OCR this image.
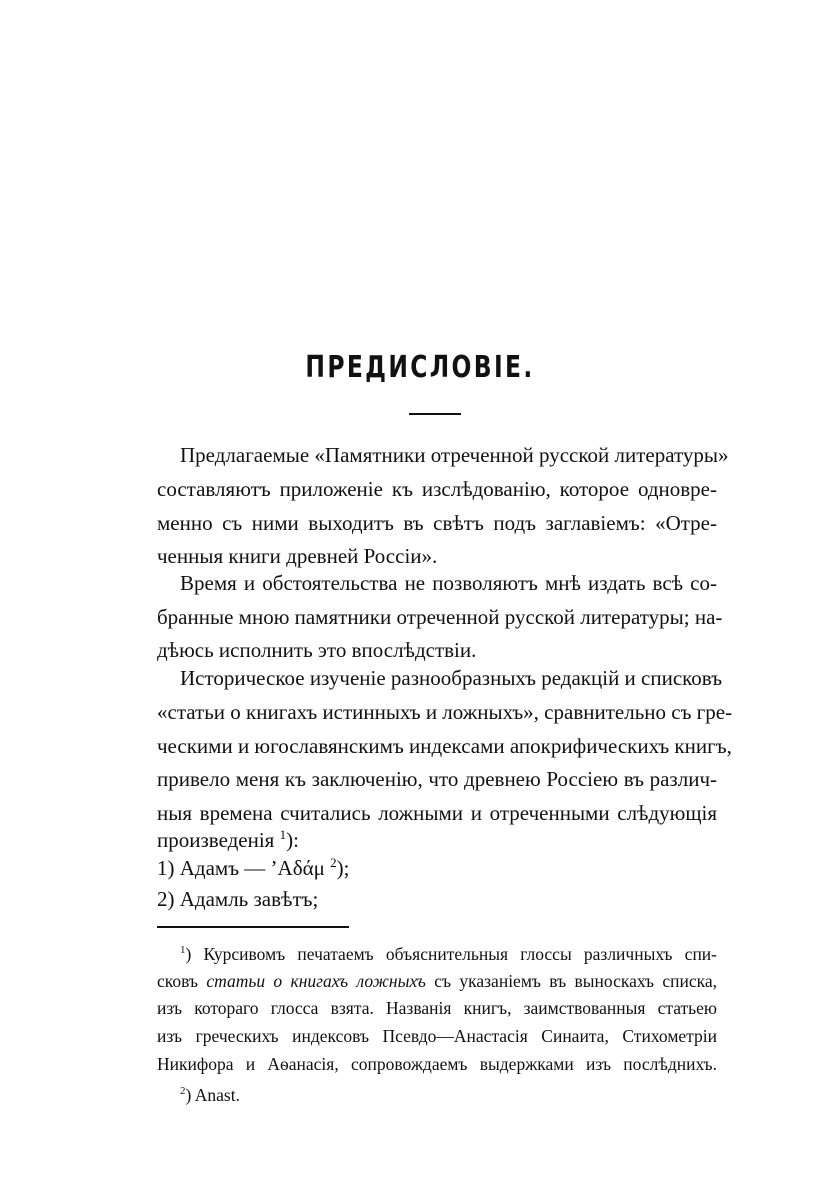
ПРЕДИСЛОВІЕ.
Предлагаемые «Памятники отреченной русской литературы»
составляютъ приложеніе къ изслѣдованію, которое одновре-
менно съ ними выходитъ въ свѣтъ подъ заглавіемъ: «Отре-
ченныя книги древней Россіи».
Время и обстоятельства не позволяютъ мнѣ издать всѣ со-
бранные мною памятники отреченной русской литературы; на-
дѣюсь исполнить это впослѣдствіи.
Историческое изученіе разнообразныхъ редакцій и списковъ
«статьи о книгахъ истинныхъ и ложныхъ», сравнительно съ гре-
ческими и югославянскимъ индексами апокрифическихъ книгъ,
привело меня къ заключенію, что древнею Россіею въ различ-
ныя времена считались ложными и отреченными слѣдующія
произведенія $^1$):
1) Адамъ — ’Αδάμ $^2$);
2) Адамль завѣтъ;
$^1$) Курсивомъ печатаемъ объяснительныя глоссы различныхъ спи-
сковъ статьи о книгахъ ложныхъ съ указаніемъ въ выноскахъ списка,
изъ котораго глосса взята. Названія книгъ, заимствованныя статьею
изъ греческихъ индексовъ Псевдо—Анастасія Синаита, Стихометріи
Никифора и Аѳанасія, сопровождаемъ выдержками изъ послѣднихъ.
$^2$) Anast.
